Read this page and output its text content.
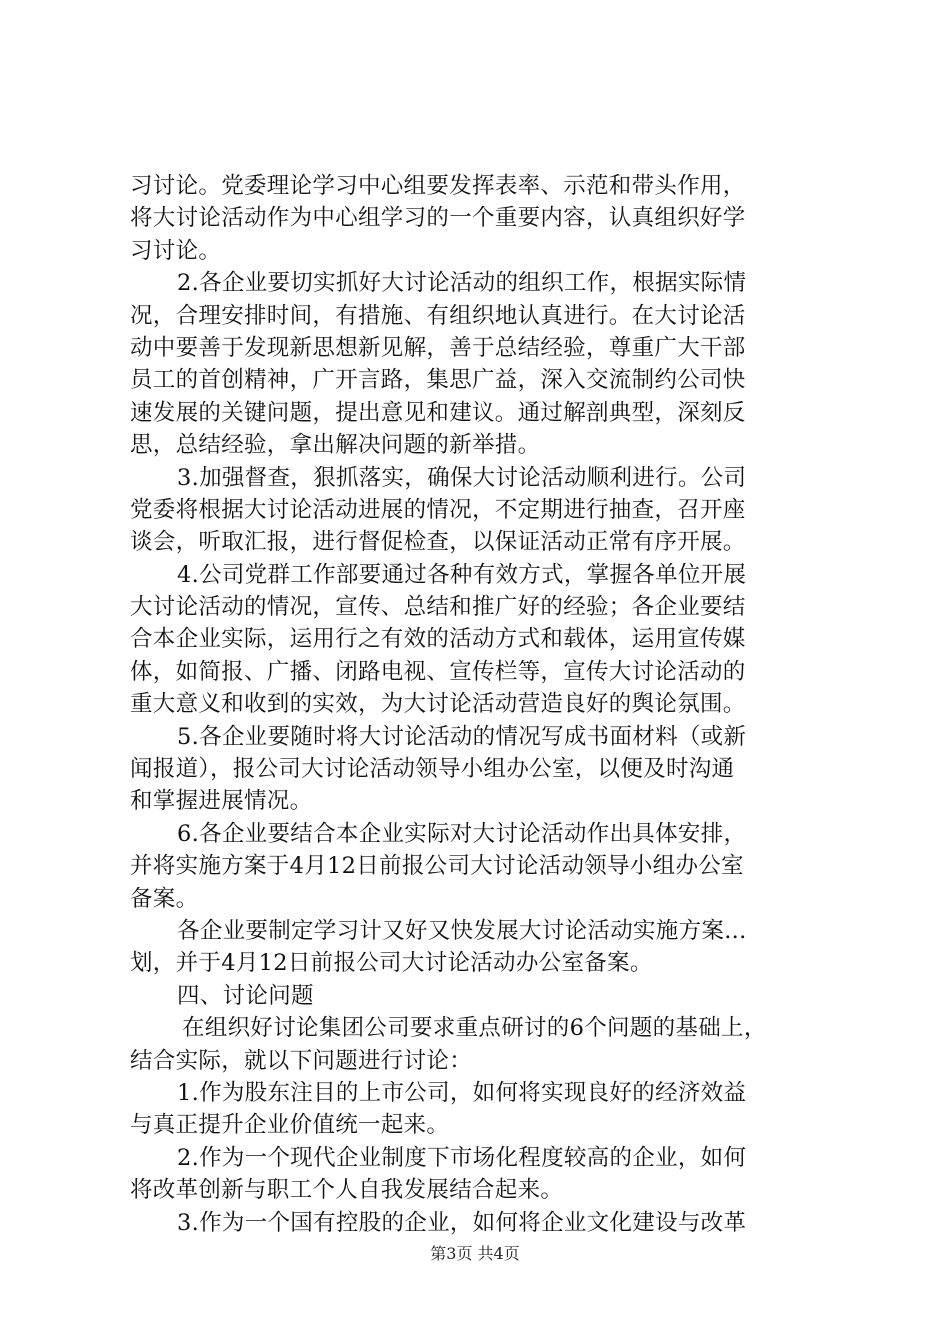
习讨论。党委理论学习中心组要发挥表率、示范和带头作用，
将大讨论活动作为中心组学习的一个重要内容，认真组织好学
习讨论。
2.各企业要切实抓好大讨论活动的组织工作，根据实际情
况，合理安排时间，有措施、有组织地认真进行。在大讨论活
动中要善于发现新思想新见解，善于总结经验，尊重广大干部
员工的首创精神，广开言路，集思广益，深入交流制约公司快
速发展的关键问题，提出意见和建议。通过解剖典型，深刻反
思，总结经验，拿出解决问题的新举措。
3.加强督查，狠抓落实，确保大讨论活动顺利进行。公司
党委将根据大讨论活动进展的情况，不定期进行抽查，召开座
谈会，听取汇报，进行督促检查，以保证活动正常有序开展。
4.公司党群工作部要通过各种有效方式，掌握各单位开展
大讨论活动的情况，宣传、总结和推广好的经验；各企业要结
合本企业实际，运用行之有效的活动方式和载体，运用宣传媒
体，如简报、广播、闭路电视、宣传栏等，宣传大讨论活动的
重大意义和收到的实效，为大讨论活动营造良好的舆论氛围。
5.各企业要随时将大讨论活动的情况写成书面材料（或新
闻报道），报公司大讨论活动领导小组办公室，以便及时沟通
和掌握进展情况。
6.各企业要结合本企业实际对大讨论活动作出具体安排，
并将实施方案于4月12日前报公司大讨论活动领导小组办公室
备案。
各企业要制定学习计又好又快发展大讨论活动实施方案...
划，并于4月12日前报公司大讨论活动办公室备案。
四、讨论问题
在组织好讨论集团公司要求重点研讨的6个问题的基础上，
结合实际，就以下问题进行讨论：
1.作为股东注目的上市公司，如何将实现良好的经济效益
与真正提升企业价值统一起来。
2.作为一个现代企业制度下市场化程度较高的企业，如何
将改革创新与职工个人自我发展结合起来。
3.作为一个国有控股的企业，如何将企业文化建设与改革
第3页 共4页
